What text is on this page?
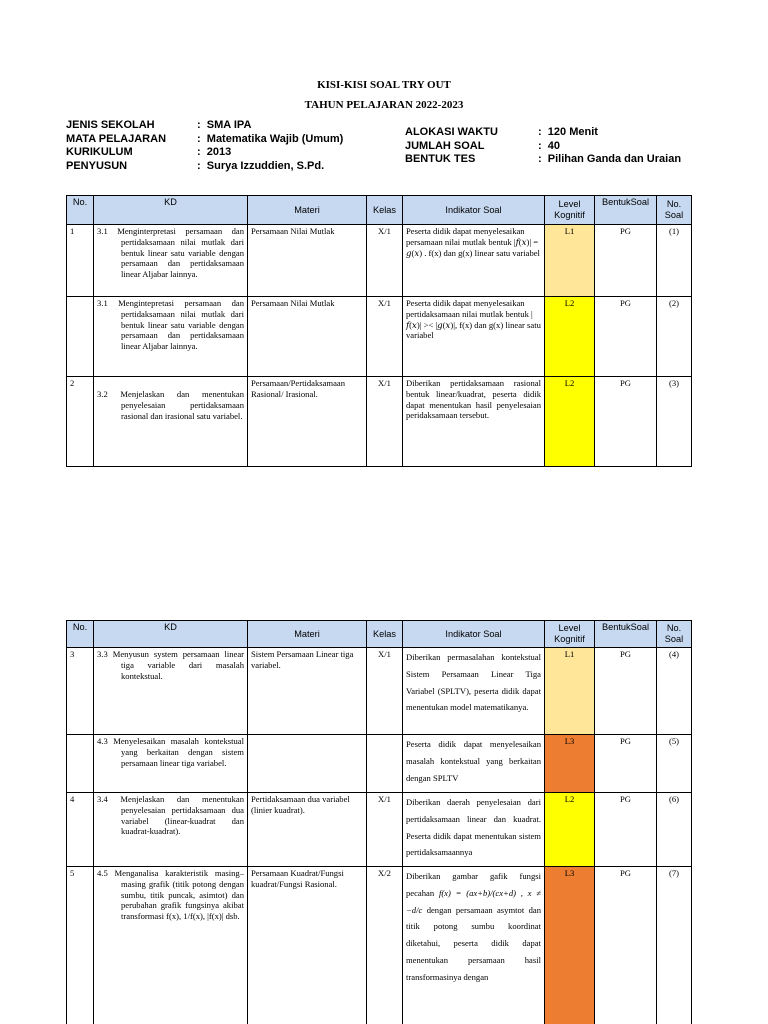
KISI-KISI SOAL TRY OUT
TAHUN PELAJARAN 2022-2023
JENIS SEKOLAH	:  SMA IPA
MATA PELAJARAN	:  Matematika Wajib (Umum)
KURIKULUM	:  2013
PENYUSUN	:  Surya Izzuddien, S.Pd.
ALOKASI WAKTU	:  120 Menit
JUMLAH SOAL	:  40
BENTUK TES	:  Pilihan Ganda dan Uraian
No.	KD	Materi	Kelas	Indikator Soal	Level Kognitif	BentukSoal	No. Soal
1	3.1 Menginterpretasi persamaan dan pertidaksamaan nilai mutlak dari bentuk linear satu variable dengan persamaan dan pertidaksamaan linear Aljabar lainnya.	Persamaan Nilai Mutlak	X/1	Peserta didik dapat menyelesaikan persamaan nilai mutlak bentuk |𝑓(𝑥)| = 𝑔(𝑥) . f(x) dan g(x) linear satu variabel	L1	PG	(1)

	3.1 Mengintepretasi persamaan dan pertidaksamaan nilai mutlak dari bentuk linear satu variable dengan persamaan dan pertidaksamaan linear Aljabar lainnya.	Persamaan Nilai Mutlak	X/1	Peserta didik dapat menyelesaikan pertidaksamaan nilai mutlak bentuk |𝑓(𝑥)| >< |𝑔(𝑥)|, f(x) dan g(x) linear satu variabel	L2	PG	(2)
2	3.2 Menjelaskan dan menentukan penyelesaian pertidaksamaan rasional dan irasional satu variabel.	Persamaan/Pertidaksamaan Rasional/ Irasional.	X/1	Diberikan pertidaksamaan rasional bentuk linear/kuadrat, peserta didik dapat menentukan hasil penyelesaian peridaksamaan tersebut.	L2	PG	(3)
No.	KD	Materi	Kelas	Indikator Soal	Level Kognitif	BentukSoal	No. Soal
3	3.3 Menyusun system persamaan linear tiga variable dari masalah kontekstual.	Sistem Persamaan Linear tiga variabel.	X/1	Diberikan permasalahan kontekstual Sistem Persamaan Linear Tiga Variabel (SPLTV), peserta didik dapat menentukan model matematikanya.	L1	PG	(4)

	4.3 Menyelesaikan masalah kontekstual yang berkaitan dengan sistem persamaan linear tiga variabel.			Peserta didik dapat menyelesaikan masalah kontekstual yang berkaitan dengan SPLTV	L3	PG	(5)
4	3.4 Menjelaskan dan menentukan penyelesaian pertidaksamaan dua variabel (linear-kuadrat dan kuadrat-kuadrat).	Pertidaksamaan dua variabel (linier kuadrat).	X/1	Diberikan daerah penyelesaian dari pertidaksamaan linear dan kuadrat. Peserta didik dapat menentukan sistem pertidaksamaannya	L2	PG	(6)
5	4.5 Menganalisa karakteristik masing–masing grafik (titik potong dengan sumbu, titik puncak, asimtot) dan perubahan grafik fungsinya akibat transformasi f(x), 1/f(x), |f(x)| dsb.	Persamaan Kuadrat/Fungsi kuadrat/Fungsi Rasional.	X/2	Diberikan gambar gafik fungsi pecahan f(x) = (ax+b)/(cx+d) , x ≠ −d/c dengan persamaan asymtot dan titik potong sumbu koordinat diketahui, peserta didik dapat menentukan persamaan hasil transformasinya dengan	L3	PG	(7)
